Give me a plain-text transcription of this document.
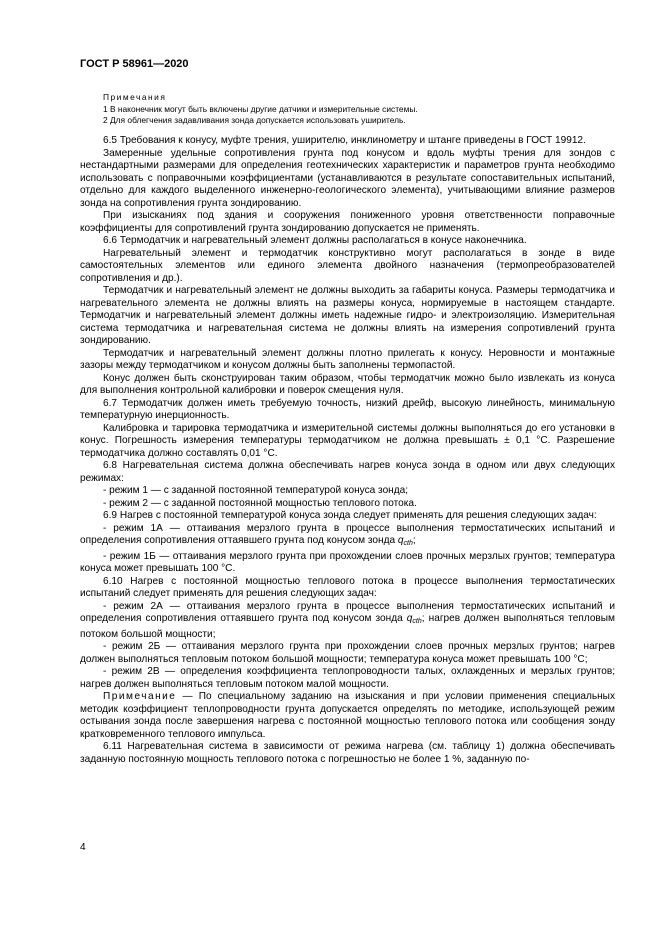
ГОСТ Р 58961—2020

Примечания

1 В наконечник могут быть включены другие датчики и измерительные системы.

2 Для облегчения задавливания зонда допускается использовать уширитель.

6.5 Требования к конусу, муфте трения, уширителю, инклинометру и штанге приведены в ГОСТ 19912.

Замеренные удельные сопротивления грунта под конусом и вдоль муфты трения для зондов с нестандартными размерами для определения геотехнических характеристик и параметров грунта необходимо использовать с поправочными коэффициентами (устанавливаются в результате сопоставительных испытаний, отдельно для каждого выделенного инженерно-геологического элемента), учитывающими влияние размеров зонда на сопротивления грунта зондированию.

При изысканиях под здания и сооружения пониженного уровня ответственности поправочные коэффициенты для сопротивлений грунта зондированию допускается не применять.

6.6 Термодатчик и нагревательный элемент должны располагаться в конусе наконечника.

Нагревательный элемент и термодатчик конструктивно могут располагаться в зонде в виде самостоятельных элементов или единого элемента двойного назначения (термопреобразователей сопротивления и др.).

Термодатчик и нагревательный элемент не должны выходить за габариты конуса. Размеры термодатчика и нагревательного элемента не должны влиять на размеры конуса, нормируемые в настоящем стандарте. Термодатчик и нагревательный элемент должны иметь надежные гидро- и электроизоляцию. Измерительная система термодатчика и нагревательная система не должны влиять на измерения сопротивлений грунта зондированию.

Термодатчик и нагревательный элемент должны плотно прилегать к конусу. Неровности и монтажные зазоры между термодатчиком и конусом должны быть заполнены термопастой.

Конус должен быть сконструирован таким образом, чтобы термодатчик можно было извлекать из конуса для выполнения контрольной калибровки и поверок смещения нуля.

6.7 Термодатчик должен иметь требуемую точность, низкий дрейф, высокую линейность, минимальную температурную инерционность.

Калибровка и тарировка термодатчика и измерительной системы должны выполняться до его установки в конус. Погрешность измерения температуры термодатчиком не должна превышать ± 0,1 °С. Разрешение термодатчика должно составлять 0,01 °С.

6.8 Нагревательная система должна обеспечивать нагрев конуса зонда в одном или двух следующих режимах:

- режим 1 — с заданной постоянной температурой конуса зонда;

- режим 2 — с заданной постоянной мощностью теплового потока.

6.9 Нагрев с постоянной температурой конуса зонда следует применять для решения следующих задач:

- режим 1А — оттаивания мерзлого грунта в процессе выполнения термостатических испытаний и определения сопротивления оттаявшего грунта под конусом зонда $q_{cth}$;

- режим 1Б — оттаивания мерзлого грунта при прохождении слоев прочных мерзлых грунтов; температура конуса может превышать 100 °С.

6.10 Нагрев с постоянной мощностью теплового потока в процессе выполнения термостатических испытаний следует применять для решения следующих задач:

- режим 2А — оттаивания мерзлого грунта в процессе выполнения термостатических испытаний и определения сопротивления оттаявшего грунта под конусом зонда $q_{cth}$; нагрев должен выполняться тепловым потоком большой мощности;

- режим 2Б — оттаивания мерзлого грунта при прохождении слоев прочных мерзлых грунтов; нагрев должен выполняться тепловым потоком большой мощности; температура конуса может превышать 100 °С;

- режим 2В — определения коэффициента теплопроводности талых, охлажденных и мерзлых грунтов; нагрев должен выполняться тепловым потоком малой мощности.

Примечание — По специальному заданию на изыскания и при условии применения специальных методик коэффициент теплопроводности грунта допускается определять по методике, использующей режим остывания зонда после завершения нагрева с постоянной мощностью теплового потока или сообщения зонду кратковременного теплового импульса.

6.11 Нагревательная система в зависимости от режима нагрева (см. таблицу 1) должна обеспечивать заданную постоянную мощность теплового потока с погрешностью не более 1 %, заданную по-

4
